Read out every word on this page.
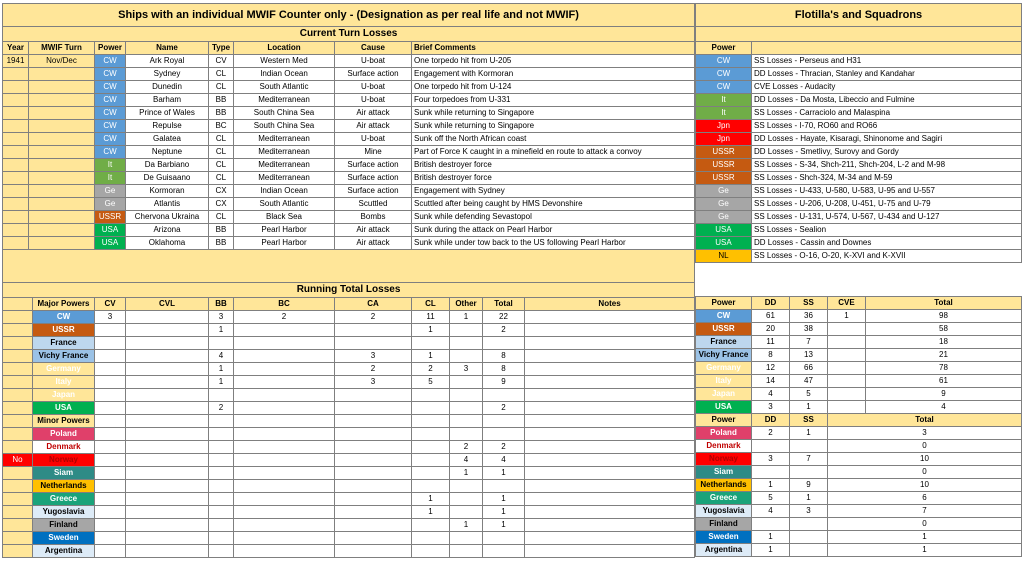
Ships with an individual MWIF Counter only - (Designation as per real life and not MWIF)							
Current Turn Losses							
Year	MWIF Turn	Power	Name	Type	Location	Cause	Brief Comments
1941	Nov/Dec	CW	Ark Royal	CV	Western Med	U-boat	One torpedo hit from U-205
		CW	Sydney	CL	Indian Ocean	Surface action	Engagement with Kormoran
		CW	Dunedin	CL	South Atlantic	U-boat	One torpedo hit from U-124
		CW	Barham	BB	Mediterranean	U-boat	Four torpedoes from U-331
		CW	Prince of Wales	BB	South China Sea	Air attack	Sunk while returning to Singapore
		CW	Repulse	BC	South China Sea	Air attack	Sunk while returning to Singapore
		CW	Galatea	CL	Mediterranean	U-boat	Sunk off the North African coast
		CW	Neptune	CL	Mediterranean	Mine	Part of Force K caught in a minefield en route to attack a convoy
		It	Da Barbiano	CL	Mediterranean	Surface action	British destroyer force
		It	De Guisaano	CL	Mediterranean	Surface action	British destroyer force
		Ge	Kormoran	CX	Indian Ocean	Surface action	Engagement with Sydney
		Ge	Atlantis	CX	South Atlantic	Scuttled	Scuttled after being caught by HMS Devonshire
		USSR	Chervona Ukraina	CL	Black Sea	Bombs	Sunk while defending Sevastopol
		USA	Arizona	BB	Pearl Harbor	Air attack	Sunk during the attack on Pearl Harbor
		USA	Oklahoma	BB	Pearl Harbor	Air attack	Sunk while under tow back to the US following Pearl Harbor

Flotilla's and Squadrons	

Power	
CW	SS Losses - Perseus and H31
CW	DD Losses - Thracian, Stanley and Kandahar
CW	CVE Losses - Audacity
It	DD Losses - Da Mosta, Libeccio and Fulmine
It	SS Losses - Carraciolo and Malaspina
Jpn	SS Losses - I-70, RO60 and RO66
Jpn	DD Losses - Hayate, Kisaragi, Shinonome and Sagiri
USSR	DD Losses - Smetlivy, Surovy and Gordy
USSR	SS Losses - S-34, Shch-211, Shch-204, L-2 and M-98
USSR	SS Losses - Shch-324, M-34 and M-59
Ge	SS Losses - U-433, U-580, U-583, U-95 and U-557
Ge	SS Losses - U-206, U-208, U-451, U-75 and U-79
Ge	SS Losses - U-131, U-574, U-567, U-434 and U-127
USA	SS Losses - Sealion
USA	DD Losses - Cassin and Downes
NL	SS Losses - O-16, O-20, K-XVI and K-XVII
Running Total Losses										
	Major Powers	CV	CVL	BB	BC	CA	CL	Other	Total	Notes
	CW	3		3	2	2	11	1	22	
	USSR			1			1		2	
	France									
	Vichy France			4		3	1		8	
	Germany			1		2	2	3	8	
	Italy			1		3	5		9	
	Japan									
	USA			2					2	
	Minor Powers									
	Poland									
	Denmark							2	2	
No	Norway							4	4	
	Siam							1	1	
	Netherlands									
	Greece						1		1	
	Yugoslavia						1		1	
	Finland							1	1	
	Sweden									
	Argentina									
Power	DD	SS	CVE	Total
CW	61	36	1	98
USSR	20	38		58
France	11	7		18
Vichy France	8	13		21
Germany	12	66		78
Italy	14	47		61
Japan	4	5		9
USA	3	1		4
Power	DD	SS	Total	
Poland	2	1	3	
Denmark			0	
Norway	3	7	10	
Siam			0	
Netherlands	1	9	10	
Greece	5	1	6	
Yugoslavia	4	3	7	
Finland			0	
Sweden	1		1	
Argentina	1		1	
